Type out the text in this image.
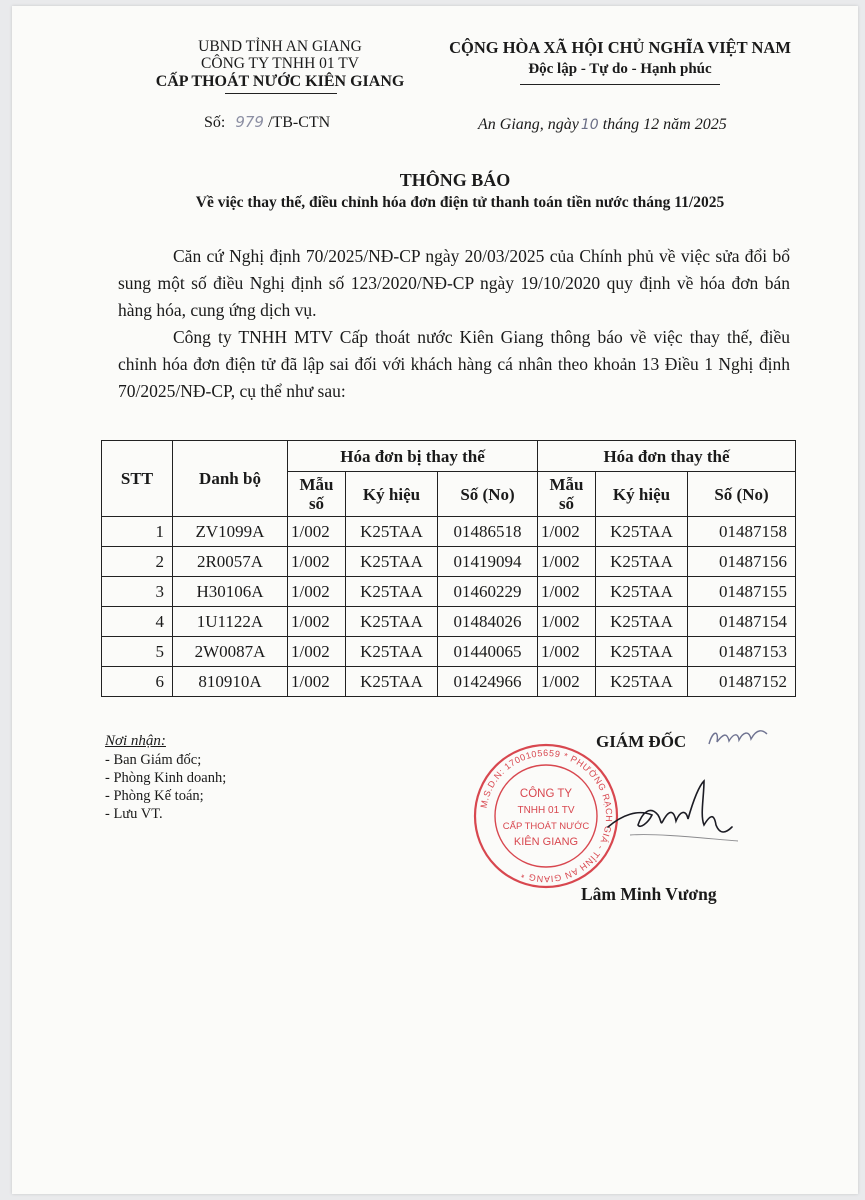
UBND TỈNH AN GIANG
CÔNG TY TNHH 01 TV
CẤP THOÁT NƯỚC KIÊN GIANG
CỘNG HÒA XÃ HỘI CHỦ NGHĨA VIỆT NAM
Độc lập - Tự do - Hạnh phúc
Số: 979 /TB-CTN	An Giang, ngày 10 tháng 12 năm 2025
THÔNG BÁO
Về việc thay thế, điều chỉnh hóa đơn điện tử thanh toán tiền nước tháng 11/2025
Căn cứ Nghị định 70/2025/NĐ-CP ngày 20/03/2025 của Chính phủ về việc sửa đổi bổ sung một số điều Nghị định số 123/2020/NĐ-CP ngày 19/10/2020 quy định về hóa đơn bán hàng hóa, cung ứng dịch vụ.
Công ty TNHH MTV Cấp thoát nước Kiên Giang thông báo về việc thay thế, điều chỉnh hóa đơn điện tử đã lập sai đối với khách hàng cá nhân theo khoản 13 Điều 1 Nghị định 70/2025/NĐ-CP, cụ thể như sau:
STT	Danh bộ	Hóa đơn bị thay thế			Hóa đơn thay thế		
		Mẫu số	Ký hiệu	Số (No)	Mẫu số	Ký hiệu	Số (No)
1	ZV1099A	1/002	K25TAA	01486518	1/002	K25TAA	01487158
2	2R0057A	1/002	K25TAA	01419094	1/002	K25TAA	01487156
3	H30106A	1/002	K25TAA	01460229	1/002	K25TAA	01487155
4	1U1122A	1/002	K25TAA	01484026	1/002	K25TAA	01487154
5	2W0087A	1/002	K25TAA	01440065	1/002	K25TAA	01487153
6	810910A	1/002	K25TAA	01424966	1/002	K25TAA	01487152
Nơi nhận:
- Ban Giám đốc;
- Phòng Kinh doanh;
- Phòng Kế toán;
- Lưu VT.
GIÁM ĐỐC
M.S.D.N: 1700105659 * PHƯỜNG RẠCH GIÁ - TỈNH AN GIANG *
CÔNG TY
TNHH 01 TV
CẤP THOÁT NƯỚC
KIÊN GIANG
Lâm Minh Vương
